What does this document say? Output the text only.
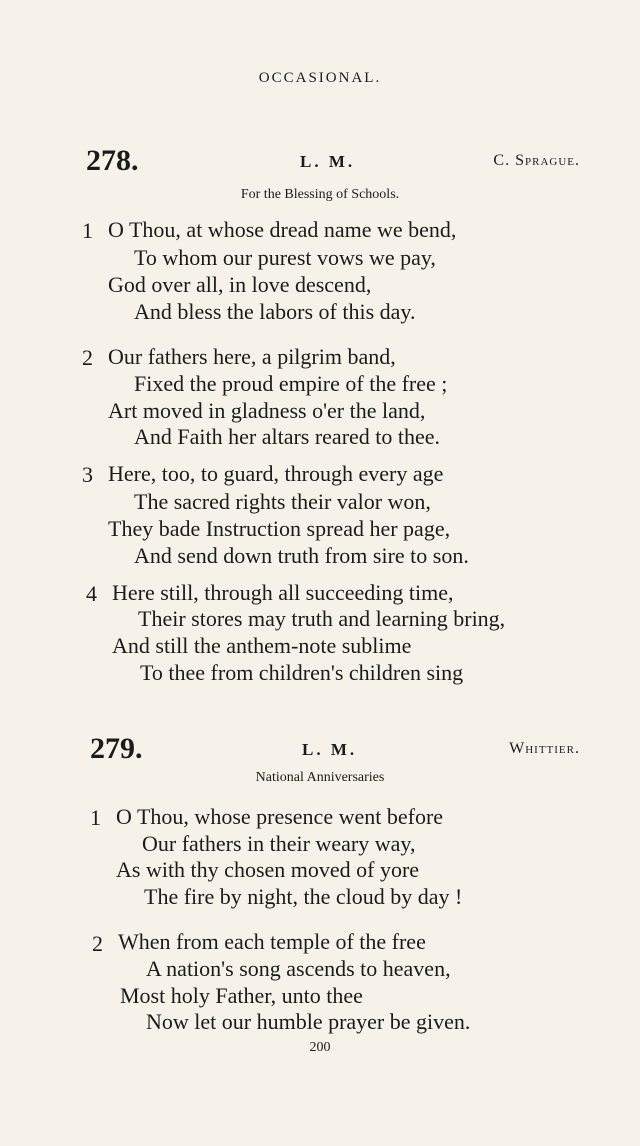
OCCASIONAL.
278.	L. M.	C. Sprague.
For the Blessing of Schools.
1 O Thou, at whose dread name we bend,
To whom our purest vows we pay,
God over all, in love descend,
And bless the labors of this day.
2 Our fathers here, a pilgrim band,
Fixed the proud empire of the free ;
Art moved in gladness o'er the land,
And Faith her altars reared to thee.
3 Here, too, to guard, through every age
The sacred rights their valor won,
They bade Instruction spread her page,
And send down truth from sire to son.
4 Here still, through all succeeding time,
Their stores may truth and learning bring,
And still the anthem-note sublime
To thee from children's children sing
279.	L. M.	Whittier.
National Anniversaries
1 O Thou, whose presence went before
Our fathers in their weary way,
As with thy chosen moved of yore
The fire by night, the cloud by day !
2 When from each temple of the free
A nation's song ascends to heaven,
Most holy Father, unto thee
Now let our humble prayer be given.
200
